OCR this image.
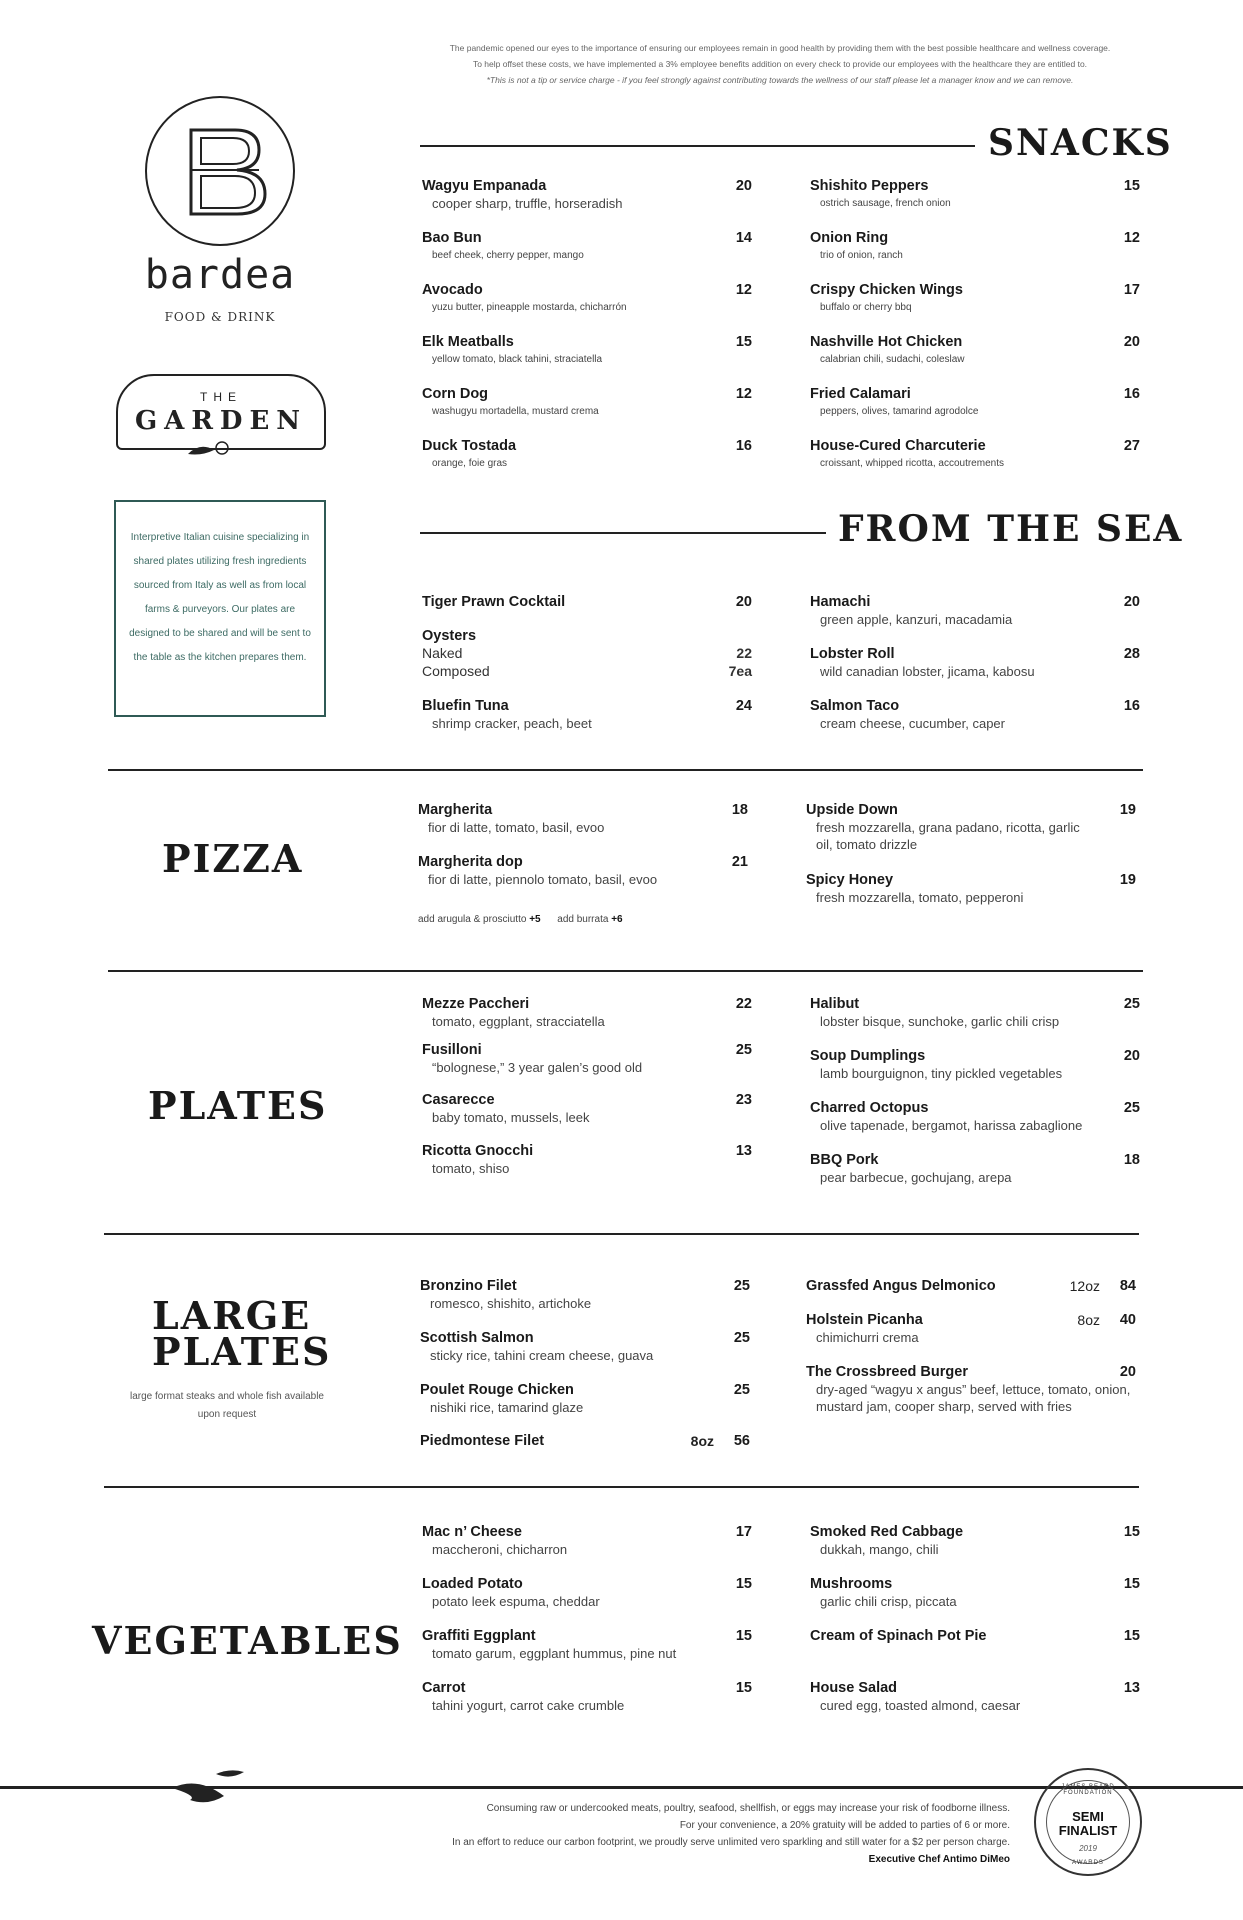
The pandemic opened our eyes to the importance of ensuring our employees remain in good health by providing them with the best possible healthcare and wellness coverage.
To help offset these costs, we have implemented a 3% employee benefits addition on every check to provide our employees with the healthcare they are entitled to.
*This is not a tip or service charge - if you feel strongly against contributing towards the wellness of our staff please let a manager know and we can remove.
bardea
FOOD & DRINK
THE
GARDEN

Interpretive Italian cuisine specializing in shared plates utilizing fresh ingredients sourced from Italy as well as from local farms & purveyors. Our plates are designed to be shared and will be sent to the table as the kitchen prepares them.

SNACKS
Wagyu Empanada	20
cooper sharp, truffle, horseradish
Bao Bun	14
beef cheek, cherry pepper, mango
Avocado	12
yuzu butter, pineapple mostarda, chicharrón
Elk Meatballs	15
yellow tomato, black tahini, straciatella
Corn Dog	12
washugyu mortadella, mustard crema
Duck Tostada	16
orange, foie gras
Shishito Peppers	15
ostrich sausage, french onion
Onion Ring	12
trio of onion, ranch
Crispy Chicken Wings	17
buffalo or cherry bbq
Nashville Hot Chicken	20
calabrian chili, sudachi, coleslaw
Fried Calamari	16
peppers, olives, tamarind agrodolce
House-Cured Charcuterie	27
croissant, whipped ricotta, accoutrements
FROM THE SEA
Tiger Prawn Cocktail	20
Oysters
Naked	22
Composed	7ea
Bluefin Tuna	24
shrimp cracker, peach, beet
Hamachi	20
green apple, kanzuri, macadamia
Lobster Roll	28
wild canadian lobster, jicama, kabosu
Salmon Taco	16
cream cheese, cucumber, caper
PIZZA
Margherita	18
fior di latte, tomato, basil, evoo
Margherita dop	21
fior di latte, piennolo tomato, basil, evoo
add arugula & prosciutto +5 add burrata +6
Upside Down	19
fresh mozzarella, grana padano, ricotta, garlic oil, tomato drizzle
Spicy Honey	19
fresh mozzarella, tomato, pepperoni
PLATES
Mezze Paccheri	22
tomato, eggplant, stracciatella
Fusilloni	25
“bolognese,” 3 year galen’s good old
Casarecce	23
baby tomato, mussels, leek
Ricotta Gnocchi	13
tomato, shiso
Halibut	25
lobster bisque, sunchoke, garlic chili crisp
Soup Dumplings	20
lamb bourguignon, tiny pickled vegetables
Charred Octopus	25
olive tapenade, bergamot, harissa zabaglione
BBQ Pork	18
pear barbecue, gochujang, arepa
LARGE
PLATES
large format steaks and whole fish available upon request
Bronzino Filet	25
romesco, shishito, artichoke
Scottish Salmon	25
sticky rice, tahini cream cheese, guava
Poulet Rouge Chicken	25
nishiki rice, tamarind glaze
Piedmontese Filet	8oz 56
Grassfed Angus Delmonico	12oz 84
Holstein Picanha	8oz 40
chimichurri crema
The Crossbreed Burger	20
dry-aged “wagyu x angus” beef, lettuce, tomato, onion, mustard jam, cooper sharp, served with fries
VEGETABLES
Mac n’ Cheese	17
maccheroni, chicharron
Loaded Potato	15
potato leek espuma, cheddar
Graffiti Eggplant	15
tomato garum, eggplant hummus, pine nut
Carrot	15
tahini yogurt, carrot cake crumble
Smoked Red Cabbage	15
dukkah, mango, chili
Mushrooms	15
garlic chili crisp, piccata
Cream of Spinach Pot Pie	15
House Salad	13
cured egg, toasted almond, caesar
Consuming raw or undercooked meats, poultry, seafood, shellfish, or eggs may increase your risk of foodborne illness.
For your convenience, a 20% gratuity will be added to parties of 6 or more.
In an effort to reduce our carbon footprint, we proudly serve unlimited vero sparkling and still water for a $2 per person charge.
Executive Chef Antimo DiMeo
JAMES BEARD FOUNDATION
SEMI
FINALIST
2019
AWARDS
